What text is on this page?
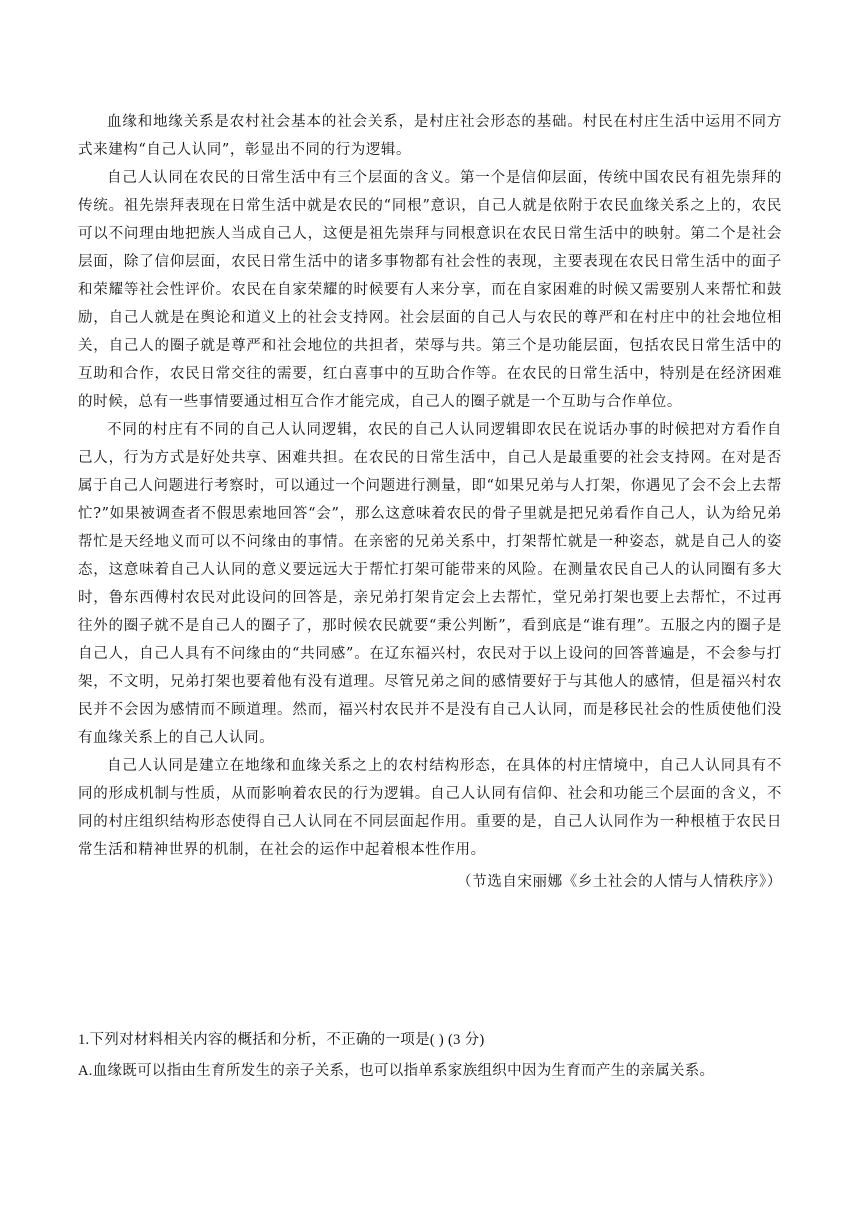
血缘和地缘关系是农村社会基本的社会关系，是村庄社会形态的基础。村民在村庄生活中运用不同方式来建构“自己人认同”，彰显出不同的行为逻辑。

自己人认同在农民的日常生活中有三个层面的含义。第一个是信仰层面，传统中国农民有祖先崇拜的传统。祖先崇拜表现在日常生活中就是农民的“同根”意识，自己人就是依附于农民血缘关系之上的，农民可以不问理由地把族人当成自己人，这便是祖先崇拜与同根意识在农民日常生活中的映射。第二个是社会层面，除了信仰层面，农民日常生活中的诸多事物都有社会性的表现，主要表现在农民日常生活中的面子和荣耀等社会性评价。农民在自家荣耀的时候要有人来分享，而在自家困难的时候又需要别人来帮忙和鼓励，自己人就是在舆论和道义上的社会支持网。社会层面的自己人与农民的尊严和在村庄中的社会地位相关，自己人的圈子就是尊严和社会地位的共担者，荣辱与共。第三个是功能层面，包括农民日常生活中的互助和合作，农民日常交往的需要，红白喜事中的互助合作等。在农民的日常生活中，特别是在经济困难的时候，总有一些事情要通过相互合作才能完成，自己人的圈子就是一个互助与合作单位。

不同的村庄有不同的自己人认同逻辑，农民的自己人认同逻辑即农民在说话办事的时候把对方看作自己人，行为方式是好处共享、困难共担。在农民的日常生活中，自己人是最重要的社会支持网。在对是否属于自己人问题进行考察时，可以通过一个问题进行测量，即“如果兄弟与人打架，你遇见了会不会上去帮忙?”如果被调查者不假思索地回答“会”，那么这意味着农民的骨子里就是把兄弟看作自己人，认为给兄弟帮忙是天经地义而可以不问缘由的事情。在亲密的兄弟关系中，打架帮忙就是一种姿态，就是自己人的姿态，这意味着自己人认同的意义要远远大于帮忙打架可能带来的风险。在测量农民自己人的认同圈有多大时，鲁东西傅村农民对此设问的回答是，亲兄弟打架肯定会上去帮忙，堂兄弟打架也要上去帮忙，不过再往外的圈子就不是自己人的圈子了，那时候农民就要“秉公判断”，看到底是“谁有理”。五服之内的圈子是自己人，自己人具有不问缘由的“共同感”。在辽东福兴村，农民对于以上设问的回答普遍是，不会参与打架，不文明，兄弟打架也要着他有没有道理。尽管兄弟之间的感情要好于与其他人的感情，但是福兴村农民并不会因为感情而不顾道理。然而，福兴村农民并不是没有自己人认同，而是移民社会的性质使他们没有血缘关系上的自己人认同。

自己人认同是建立在地缘和血缘关系之上的农村结构形态，在具体的村庄情境中，自己人认同具有不同的形成机制与性质，从而影响着农民的行为逻辑。自己人认同有信仰、社会和功能三个层面的含义，不同的村庄组织结构形态使得自己人认同在不同层面起作用。重要的是，自己人认同作为一种根植于农民日常生活和精神世界的机制，在社会的运作中起着根本性作用。

（节选自宋丽娜《乡土社会的人情与人情秩序》）

1.下列对材料相关内容的概括和分析，不正确的一项是( ) (3 分)

A.血缘既可以指由生育所发生的亲子关系，也可以指单系家族组织中因为生育而产生的亲属关系。
